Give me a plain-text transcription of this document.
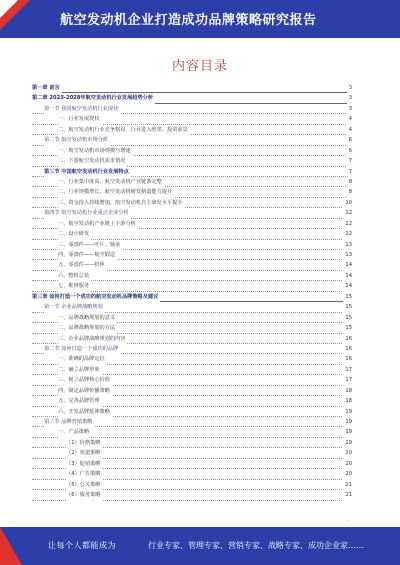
航空发动机企业打造成功品牌策略研究报告
内容目录
第一章 前言	3
第二章 2023-2028年航空发动机行业发展趋势分析	3
第一节 我国航空发动机行业现状	3
一、行业发展现状	4
二、航空发动机行业竞争格局、行业进入壁垒、投资前景	4
第二节 航空发动机市场分析	6
一、航空发动机市场规模与增速	6
二、下游航空发动机需求情况	7
第三节 中国航空发动机行业发展特点	7
一、行业集中度高，航空发动机产业链条完整	8
二、行业规模增长，航空发动机研发制造能力提升	8
三、资金投入持续增加，航空发动机自主研发水平提升	10
第四节 航空发动机行业重点企业分析	12
一、航空发动机产业链上下游分析	12
二、设计研发	12
三、零部件——叶片、轴承	13
四、零部件——航空锻造	13
五、零部件——机匣	14
六、整机总装	14
七、维修服务	14
第三章 如何打造一个成功的航空发动机品牌策略及建议	15
第一节 企业品牌战略规划	15
一、品牌战略规划的意义	15
二、品牌战略规划的方法	15
三、企业品牌战略规划的内容	16
第二节 如何打造一个成功的品牌	16
一、准确的品牌定位	16
二、确立品牌形象	17
三、树立品牌核心价值	17
四、制定品牌传播策略	18
五、完善品牌管理	18
六、开发品牌延伸策略	19
第三节 品牌营销策略	19
一、产品策略	19
（1）价格策略	19
（2）渠道策略	20
（3）促销策略	20
（4）广告策略	20
（5）公关策略	21
（6）服务策略	21
·
让每个人都能成为	行业专家、管理专家、营销专家、战略专家、成功企业家……
